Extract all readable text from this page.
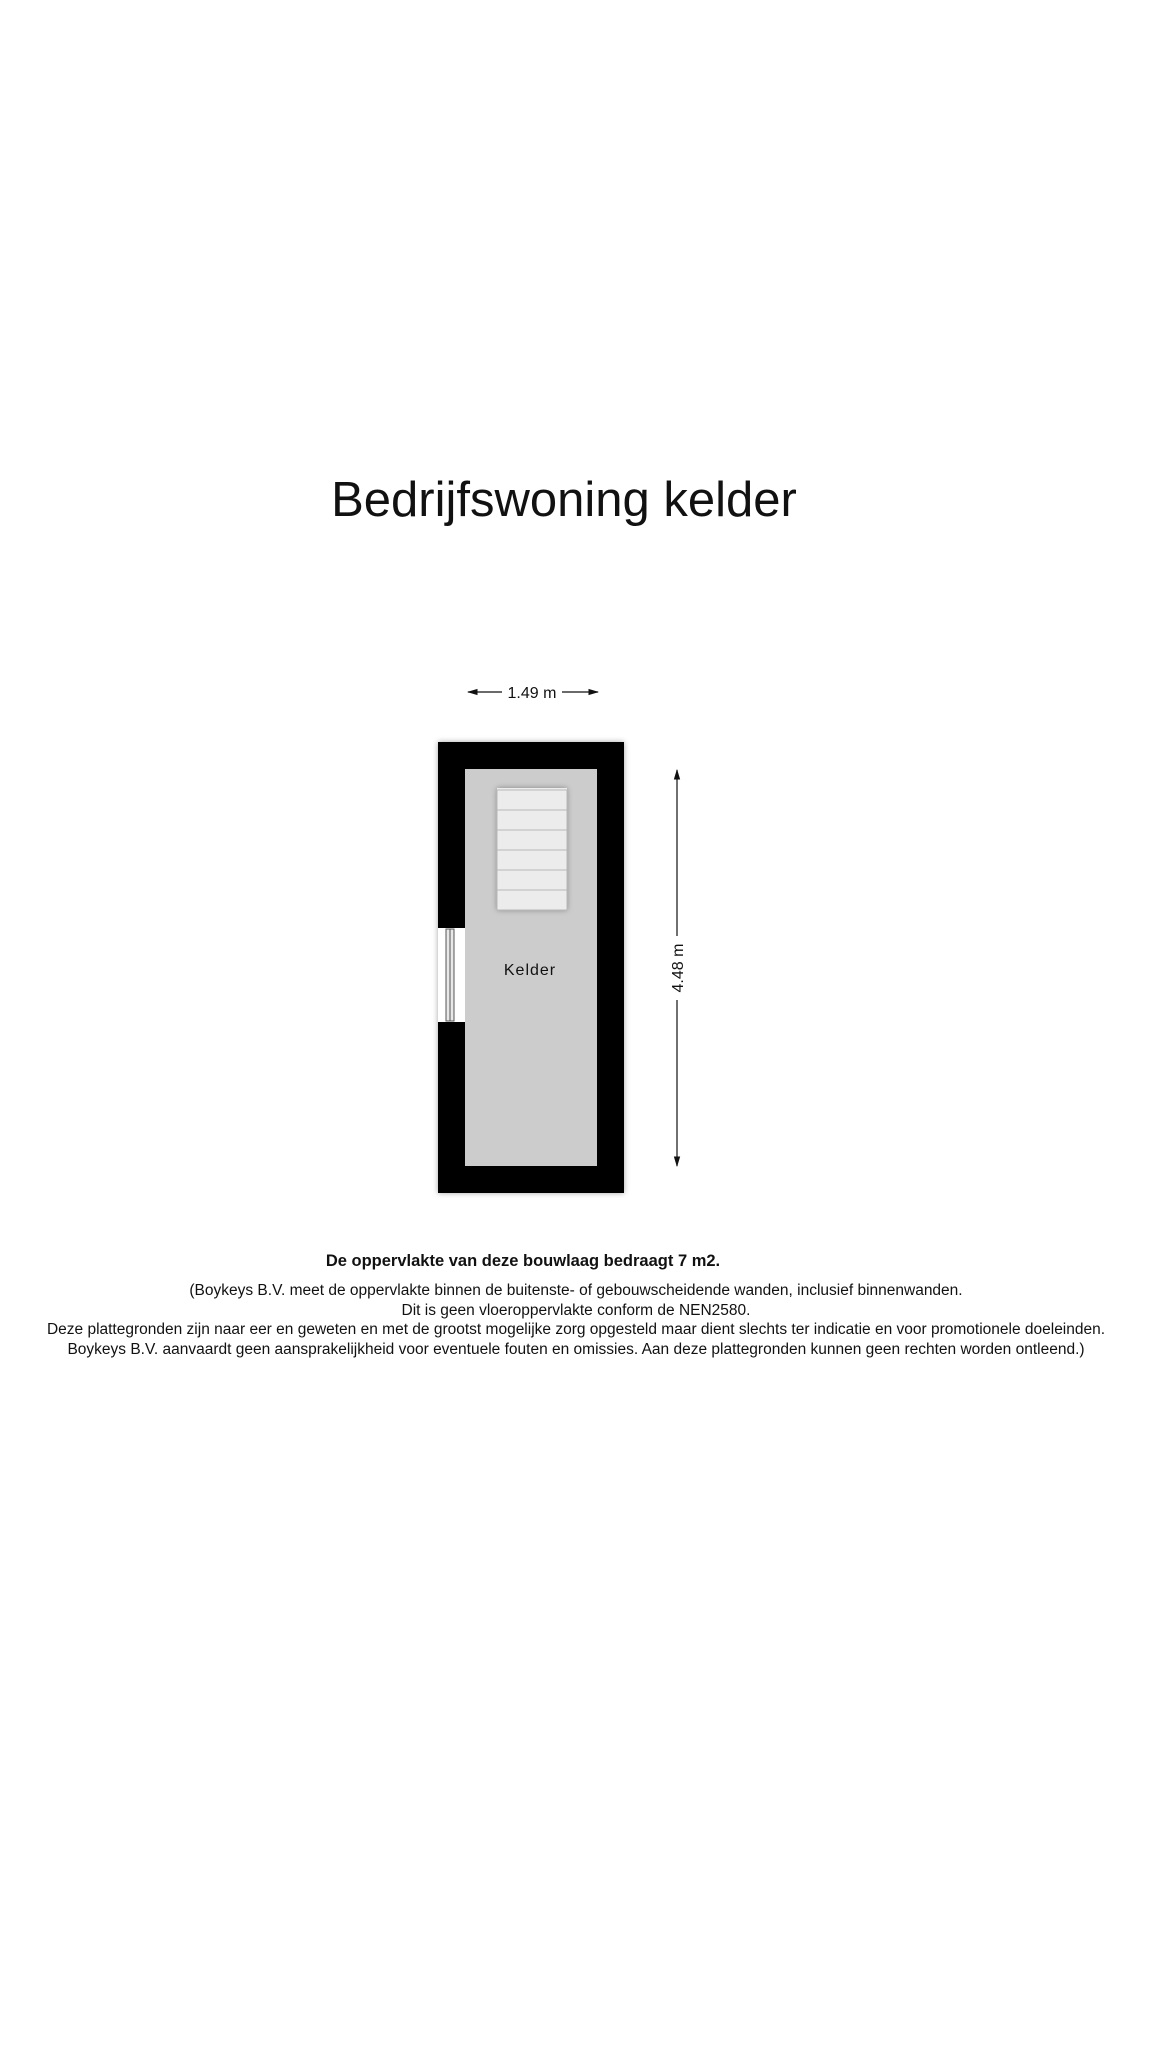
Bedrijfswoning kelder
1.49 m
Kelder	4.48 m
De oppervlakte van deze bouwlaag bedraagt 7 m2.
(Boykeys B.V. meet de oppervlakte binnen de buitenste- of gebouwscheidende wanden, inclusief binnenwanden.
Dit is geen vloeroppervlakte conform de NEN2580.
Deze plattegronden zijn naar eer en geweten en met de grootst mogelijke zorg opgesteld maar dient slechts ter indicatie en voor promotionele doeleinden.
Boykeys B.V. aanvaardt geen aansprakelijkheid voor eventuele fouten en omissies. Aan deze plattegronden kunnen geen rechten worden ontleend.)
